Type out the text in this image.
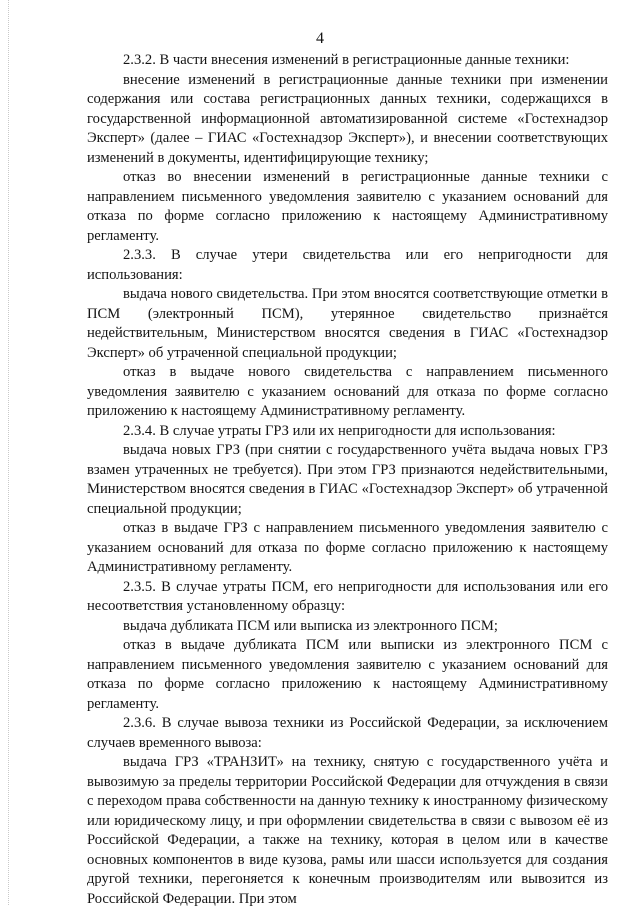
4

2.3.2. В части внесения изменений в регистрационные данные техники:

внесение изменений в регистрационные данные техники при изменении содержания или состава регистрационных данных техники, содержащихся в государственной информационной автоматизированной системе «Гостехнадзор Эксперт» (далее – ГИАС «Гостехнадзор Эксперт»), и внесении соответствующих изменений в документы, идентифицирующие технику;

отказ во внесении изменений в регистрационные данные техники с направлением письменного уведомления заявителю с указанием оснований для отказа по форме согласно приложению к настоящему Административному регламенту.

2.3.3. В случае утери свидетельства или его непригодности для использования:

выдача нового свидетельства. При этом вносятся соответствующие отметки в ПСМ (электронный ПСМ), утерянное свидетельство признаётся недействительным, Министерством вносятся сведения в ГИАС «Гостехнадзор Эксперт» об утраченной специальной продукции;

отказ в выдаче нового свидетельства с направлением письменного уведомления заявителю с указанием оснований для отказа по форме согласно приложению к настоящему Административному регламенту.

2.3.4. В случае утраты ГРЗ или их непригодности для использования:

выдача новых ГРЗ (при снятии с государственного учёта выдача новых ГРЗ взамен утраченных не требуется). При этом ГРЗ признаются недействительными, Министерством вносятся сведения в ГИАС «Гостехнадзор Эксперт» об утраченной специальной продукции;

отказ в выдаче ГРЗ с направлением письменного уведомления заявителю с указанием оснований для отказа по форме согласно приложению к настоящему Административному регламенту.

2.3.5. В случае утраты ПСМ, его непригодности для использования или его несоответствия установленному образцу:

выдача дубликата ПСМ или выписка из электронного ПСМ;

отказ в выдаче дубликата ПСМ или выписки из электронного ПСМ с направлением письменного уведомления заявителю с указанием оснований для отказа по форме согласно приложению к настоящему Административному регламенту.

2.3.6. В случае вывоза техники из Российской Федерации, за исключением случаев временного вывоза:

выдача ГРЗ «ТРАНЗИТ» на технику, снятую с государственного учёта и вывозимую за пределы территории Российской Федерации для отчуждения в связи с переходом права собственности на данную технику к иностранному физическому или юридическому лицу, и при оформлении свидетельства в связи с вывозом её из Российской Федерации, а также на технику, которая в целом или в качестве основных компонентов в виде кузова, рамы или шасси используется для создания другой техники, перегоняется к конечным производителям или вывозится из Российской Федерации. При этом
